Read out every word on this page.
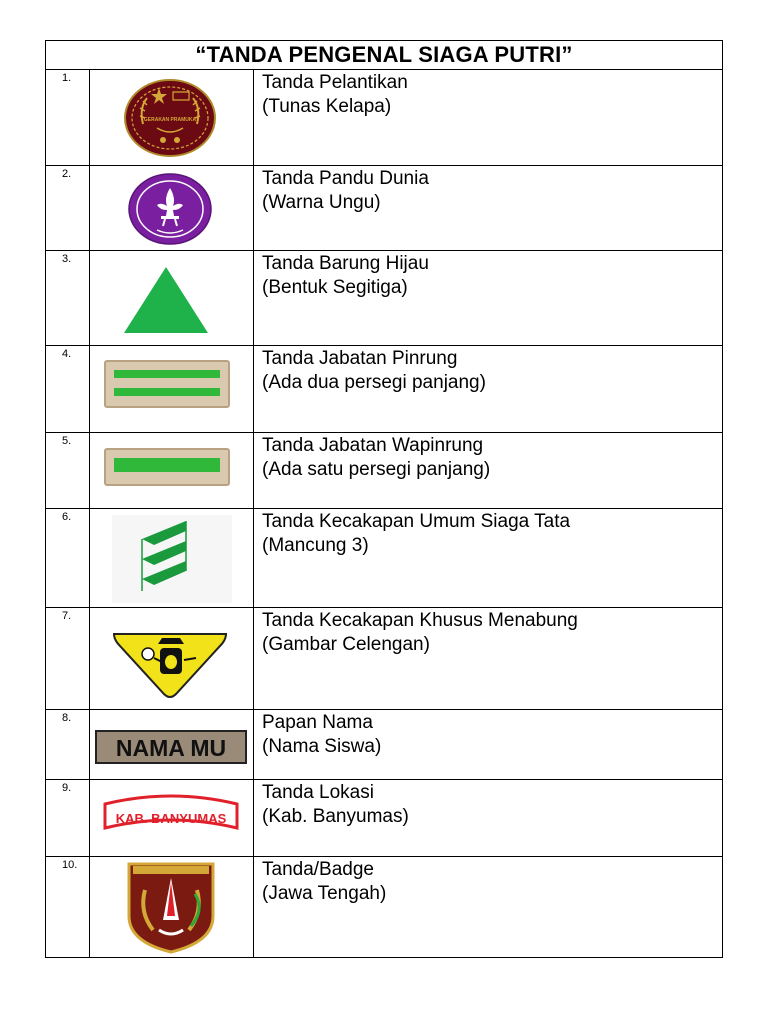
“TANDA PENGENAL SIAGA PUTRI”		
1.	GERAKAN PRAMUKA	Tanda Pelantikan
(Tunas Kelapa)

2.		Tanda Pandu Dunia
(Warna Ungu)

3.		Tanda Barung Hijau
(Bentuk Segitiga)

4.		Tanda Jabatan Pinrung
(Ada dua persegi panjang)

5.		Tanda Jabatan Wapinrung
(Ada satu persegi panjang)

6.		Tanda Kecakapan Umum Siaga Tata
(Mancung 3)

7.		Tanda Kecakapan Khusus Menabung
(Gambar Celengan)

8.	NAMA MU	Papan Nama
(Nama Siswa)

9.	KAB. BANYUMAS	Tanda Lokasi
(Kab. Banyumas)

10.		Tanda/Badge
(Jawa Tengah)
